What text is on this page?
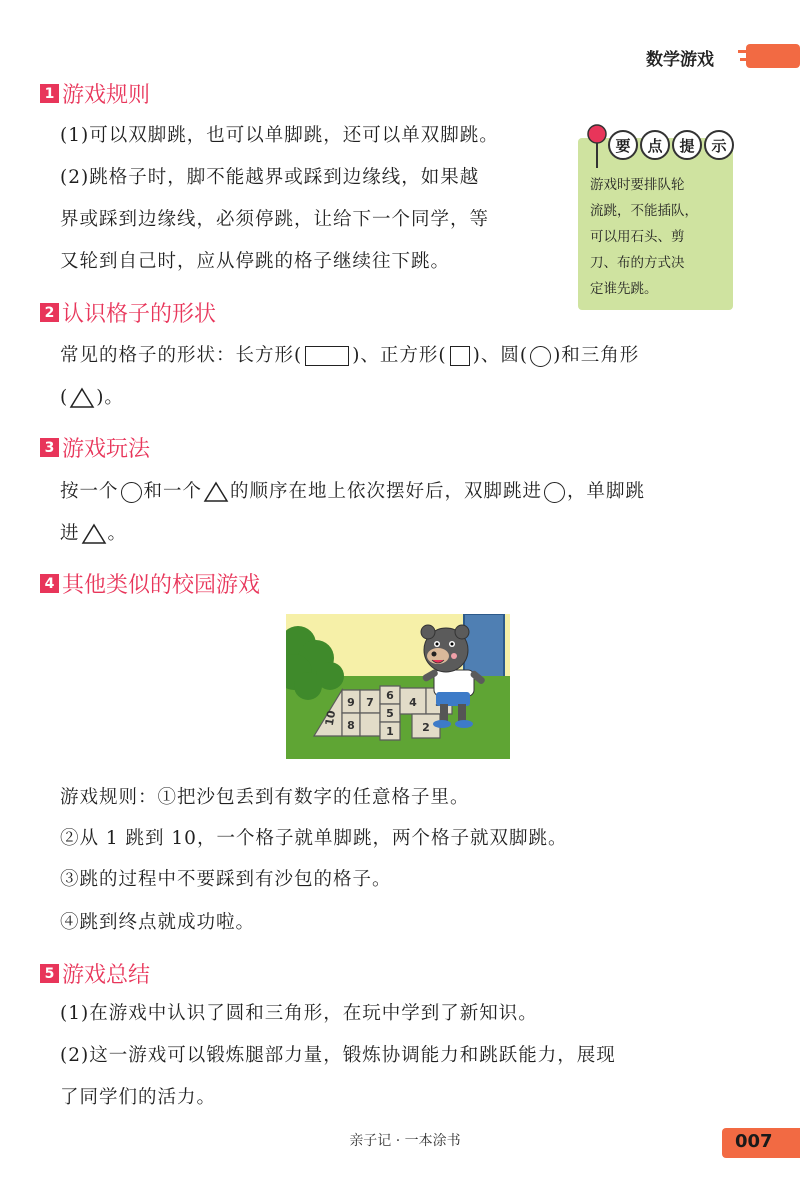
数学游戏
1 游戏规则
(1)可以双脚跳，也可以单脚跳，还可以单双脚跳。
(2)跳格子时，脚不能越界或踩到边缘线，如果越
界或踩到边缘线，必须停跳，让给下一个同学，等
又轮到自己时，应从停跳的格子继续往下跳。
要	点	提	示
游戏时要排队轮
流跳，不能插队，
可以用石头、剪
刀、布的方式决
定谁先跳。
2 认识格子的形状
常见的格子的形状：长方形(	)、正方形( )、圆( )和三角形
( )。
3 游戏玩法
按一个 和一个 的顺序在地上依次摆好后，双脚跳进 ，单脚跳
进 。
4 其他类似的校园游戏
10
9
8
7
6
5
4
2
1
游戏规则：①把沙包丢到有数字的任意格子里。
②从 1 跳到 10，一个格子就单脚跳，两个格子就双脚跳。
③跳的过程中不要踩到有沙包的格子。
④跳到终点就成功啦。
5 游戏总结
(1)在游戏中认识了圆和三角形，在玩中学到了新知识。
(2)这一游戏可以锻炼腿部力量，锻炼协调能力和跳跃能力，展现
了同学们的活力。
亲子记 · 一本涂书	007
